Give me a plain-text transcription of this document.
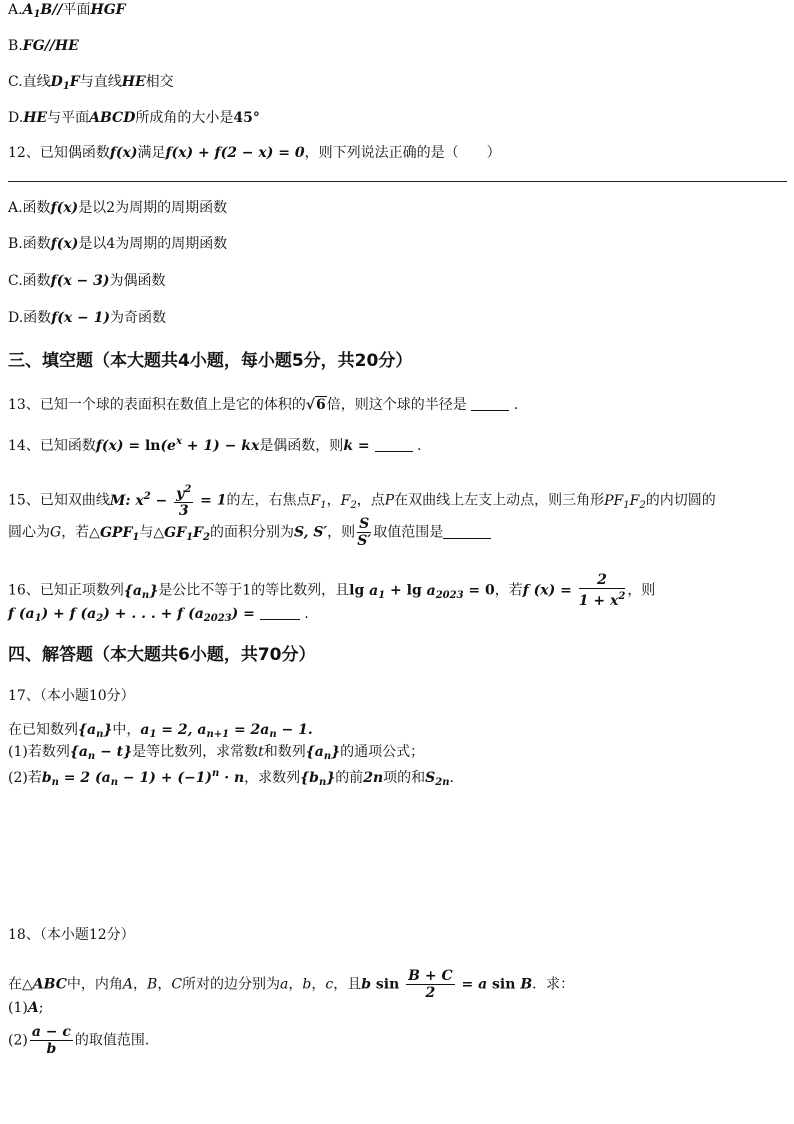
$A.A_1B//$平面HGF
B.FG//HE
C.直线$D_1F$与直线HE相交
D.HE与平面ABCD所成角的大小是45°
12、已知偶函数f(x)满足f(x) + f(2 − x) = 0，则下列说法正确的是（　　）
A.函数f(x)是以2为周期的周期函数
B.函数f(x)是以4为周期的周期函数
C.函数f(x − 3)为偶函数
D.函数f(x − 1)为奇函数
三、填空题（本大题共4小题，每小题5分，共20分）
13、已知一个球的表面积在数值上是它的体积的√6倍，则这个球的半径是	.
14、已知函数$f(x) = \ln(e^x + 1)$ − kx是偶函数，则k =	.
15、已知双曲线M: $x^2 - \frac{y^2}{3} = 1$的左，右焦点$F_1$，$F_2$，点P在双曲线上左支上动点，则三角形$PF_1F_2$的内切圆的
圆心为G，若$\triangle GPF_1$与$\triangle GF_1F_2$的面积分别为S, S′，则 $\frac{S}{S'}$ 取值范围是
16、已知正项数列$\{a_n\}$是公比不等于1的等比数列，且$\lg a_1 + \lg a_{2023} = 0$，若f $(x) = \frac{2}{1 + x^2}$ ，则
f $(a_1) + f$ $(a_2)$ + . . . + f $(a_{2023})$ =	.
四、解答题（本大题共6小题，共70分）
17、（本小题10分）
在已知数列$\{a_n\}$中，$a_1 = 2$, $a_{n+1} = 2a_n - 1$.
(1)若数列$\{a_n - t\}$是等比数列，求常数t和数列$\{a_n\}$的通项公式；
(2)若$b_n = 2$ $(a_n - 1) + (-1)^n \cdot n$，求数列$\{b_n\}$的前2n项的和$S_{2n}$.
18、（本小题12分）
在△ABC中，内角A，B，C所对的边分别为a，b，c，且b $\sin \frac{B + C}{2} = a$ sin B．求：
(1)A;
$(2) \frac{a - c}{b}$ 的取值范围.
